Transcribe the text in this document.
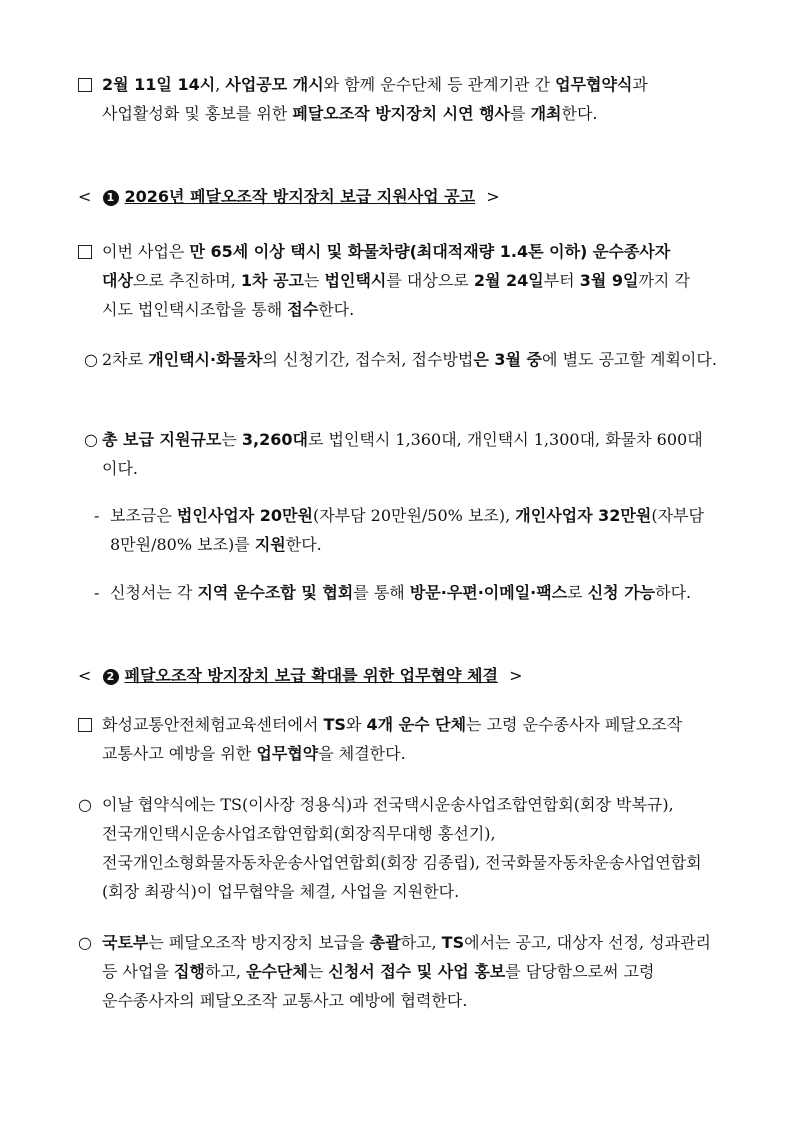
2월 11일 14시, 사업공모 개시와 함께 운수단체 등 관계기관 간 업무협약식과 사업활성화 및 홍보를 위한 페달오조작 방지장치 시연 행사를 개최한다.
< 1 2026년 페달오조작 방지장치 보급 지원사업 공고 >
이번 사업은 만 65세 이상 택시 및 화물차량(최대적재량 1.4톤 이하) 운수종사자 대상으로 추진하며, 1차 공고는 법인택시를 대상으로 2월 24일부터 3월 9일까지 각 시도 법인택시조합을 통해 접수한다.
○ 2차로 개인택시·화물차의 신청기간, 접수처, 접수방법은 3월 중에 별도 공고할 계획이다.
○ 총 보급 지원규모는 3,260대로 법인택시 1,360대, 개인택시 1,300대, 화물차 600대 이다.
- 보조금은 법인사업자 20만원(자부담 20만원/50% 보조), 개인사업자 32만원(자부담 8만원/80% 보조)를 지원한다.
- 신청서는 각 지역 운수조합 및 협회를 통해 방문·우편·이메일·팩스로 신청 가능하다.
< 2 페달오조작 방지장치 보급 확대를 위한 업무협약 체결 >
화성교통안전체험교육센터에서 TS와 4개 운수 단체는 고령 운수종사자 페달오조작 교통사고 예방을 위한 업무협약을 체결한다.
○ 이날 협약식에는 TS(이사장 정용식)과 전국택시운송사업조합연합회(회장 박복규), 전국개인택시운송사업조합연합회(회장직무대행 홍선기), 전국개인소형화물자동차운송사업연합회(회장 김종립), 전국화물자동차운송사업연합회(회장 최광식)이 업무협약을 체결, 사업을 지원한다.
○ 국토부는 페달오조작 방지장치 보급을 총괄하고, TS에서는 공고, 대상자 선정, 성과관리 등 사업을 집행하고, 운수단체는 신청서 접수 및 사업 홍보를 담당함으로써 고령 운수종사자의 페달오조작 교통사고 예방에 협력한다.
